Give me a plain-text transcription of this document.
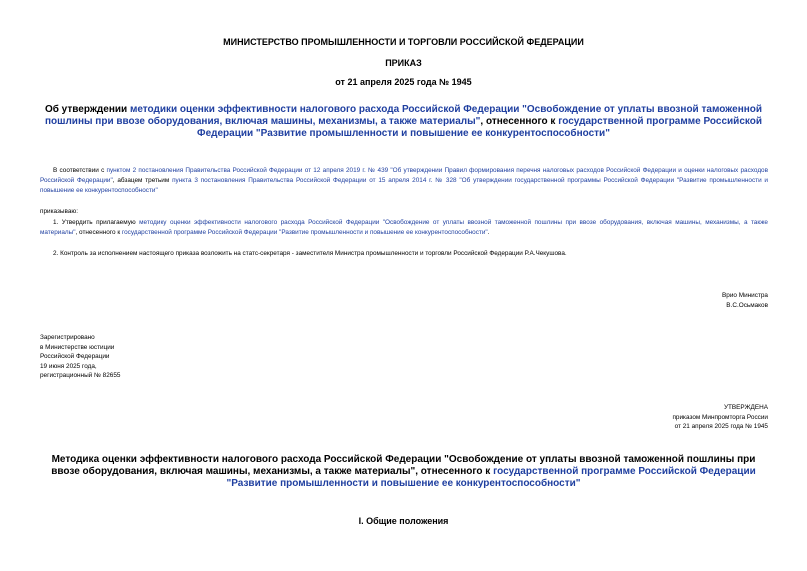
МИНИСТЕРСТВО ПРОМЫШЛЕННОСТИ И ТОРГОВЛИ РОССИЙСКОЙ ФЕДЕРАЦИИ
ПРИКАЗ
от 21 апреля 2025 года № 1945
Об утверждении методики оценки эффективности налогового расхода Российской Федерации "Освобождение от уплаты ввозной таможенной пошлины при ввозе оборудования, включая машины, механизмы, а также материалы", отнесенного к государственной программе Российской Федерации "Развитие промышленности и повышение ее конкурентоспособности"
В соответствии с пунктом 2 постановления Правительства Российской Федерации от 12 апреля 2019 г. № 439 "Об утверждении Правил формирования перечня налоговых расходов Российской Федерации и оценки налоговых расходов Российской Федерации", абзацем третьим пункта 3 постановления Правительства Российской Федерации от 15 апреля 2014 г. № 328 "Об утверждении государственной программы Российской Федерации "Развитие промышленности и повышение ее конкурентоспособности"
приказываю:
1. Утвердить прилагаемую методику оценки эффективности налогового расхода Российской Федерации "Освобождение от уплаты ввозной таможенной пошлины при ввозе оборудования, включая машины, механизмы, а также материалы", отнесенного к государственной программе Российской Федерации "Развитие промышленности и повышение ее конкурентоспособности".
2. Контроль за исполнением настоящего приказа возложить на статс-секретаря - заместителя Министра промышленности и торговли Российской Федерации Р.А.Чекушова.
Врио Министра
В.С.Осьмаков
Зарегистрировано
в Министерстве юстиции
Российской Федерации
19 июня 2025 года,
регистрационный № 82655
УТВЕРЖДЕНА
приказом Минпромторга России
от 21 апреля 2025 года № 1945
Методика оценки эффективности налогового расхода Российской Федерации "Освобождение от уплаты ввозной таможенной пошлины при ввозе оборудования, включая машины, механизмы, а также материалы", отнесенного к государственной программе Российской Федерации "Развитие промышленности и повышение ее конкурентоспособности"
I. Общие положения
